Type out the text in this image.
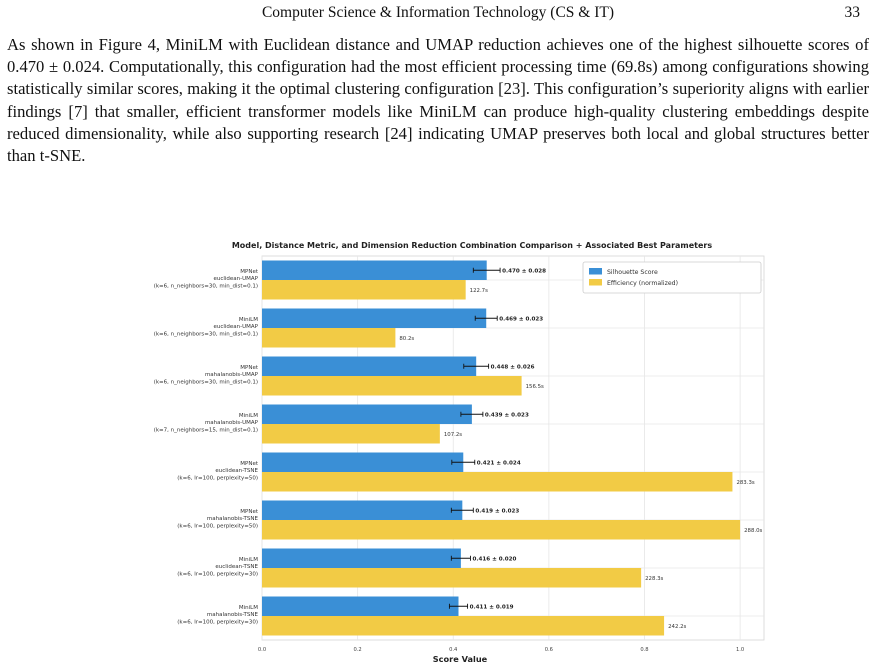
Computer Science & Information Technology (CS & IT)	33

As shown in Figure 4, MiniLM with Euclidean distance and UMAP reduction achieves one of the highest silhouette scores of 0.470 ± 0.024. Computationally, this configuration had the most efficient processing time (69.8s) among configurations showing statistically similar scores, making it the optimal clustering configuration [23]. This configuration’s superiority aligns with earlier findings [7] that smaller, efficient transformer models like MiniLM can produce high-quality clustering embeddings despite reduced dimensionality, while also supporting research [24] indicating UMAP preserves both local and global structures better than t-SNE.

Model, Distance Metric, and Dimension Reduction Combination Comparison + Associated Best Parameters
0.0	0.2	0.4	0.6	0.8	1.0
0.470 ± 0.028
122.7s
MPNet
euclidean-UMAP
(k=6, n_neighbors=30, min_dist=0.1)
0.469 ± 0.023
80.2s
MiniLM
euclidean-UMAP
(k=6, n_neighbors=30, min_dist=0.1)
0.448 ± 0.026
156.5s
MPNet
mahalanobis-UMAP
(k=6, n_neighbors=30, min_dist=0.1)
0.439 ± 0.023
107.2s
MiniLM
mahalanobis-UMAP
(k=7, n_neighbors=15, min_dist=0.1)
0.421 ± 0.024
283.3s
MPNet
euclidean-TSNE
(k=6, lr=100, perplexity=50)
0.419 ± 0.023
288.0s
MPNet
mahalanobis-TSNE
(k=6, lr=100, perplexity=50)
0.416 ± 0.020
228.3s
MiniLM
euclidean-TSNE
(k=6, lr=100, perplexity=30)
0.411 ± 0.019
242.2s
MiniLM
mahalanobis-TSNE
(k=6, lr=100, perplexity=30)
Silhouette Score
Efficiency (normalized)
Score Value
